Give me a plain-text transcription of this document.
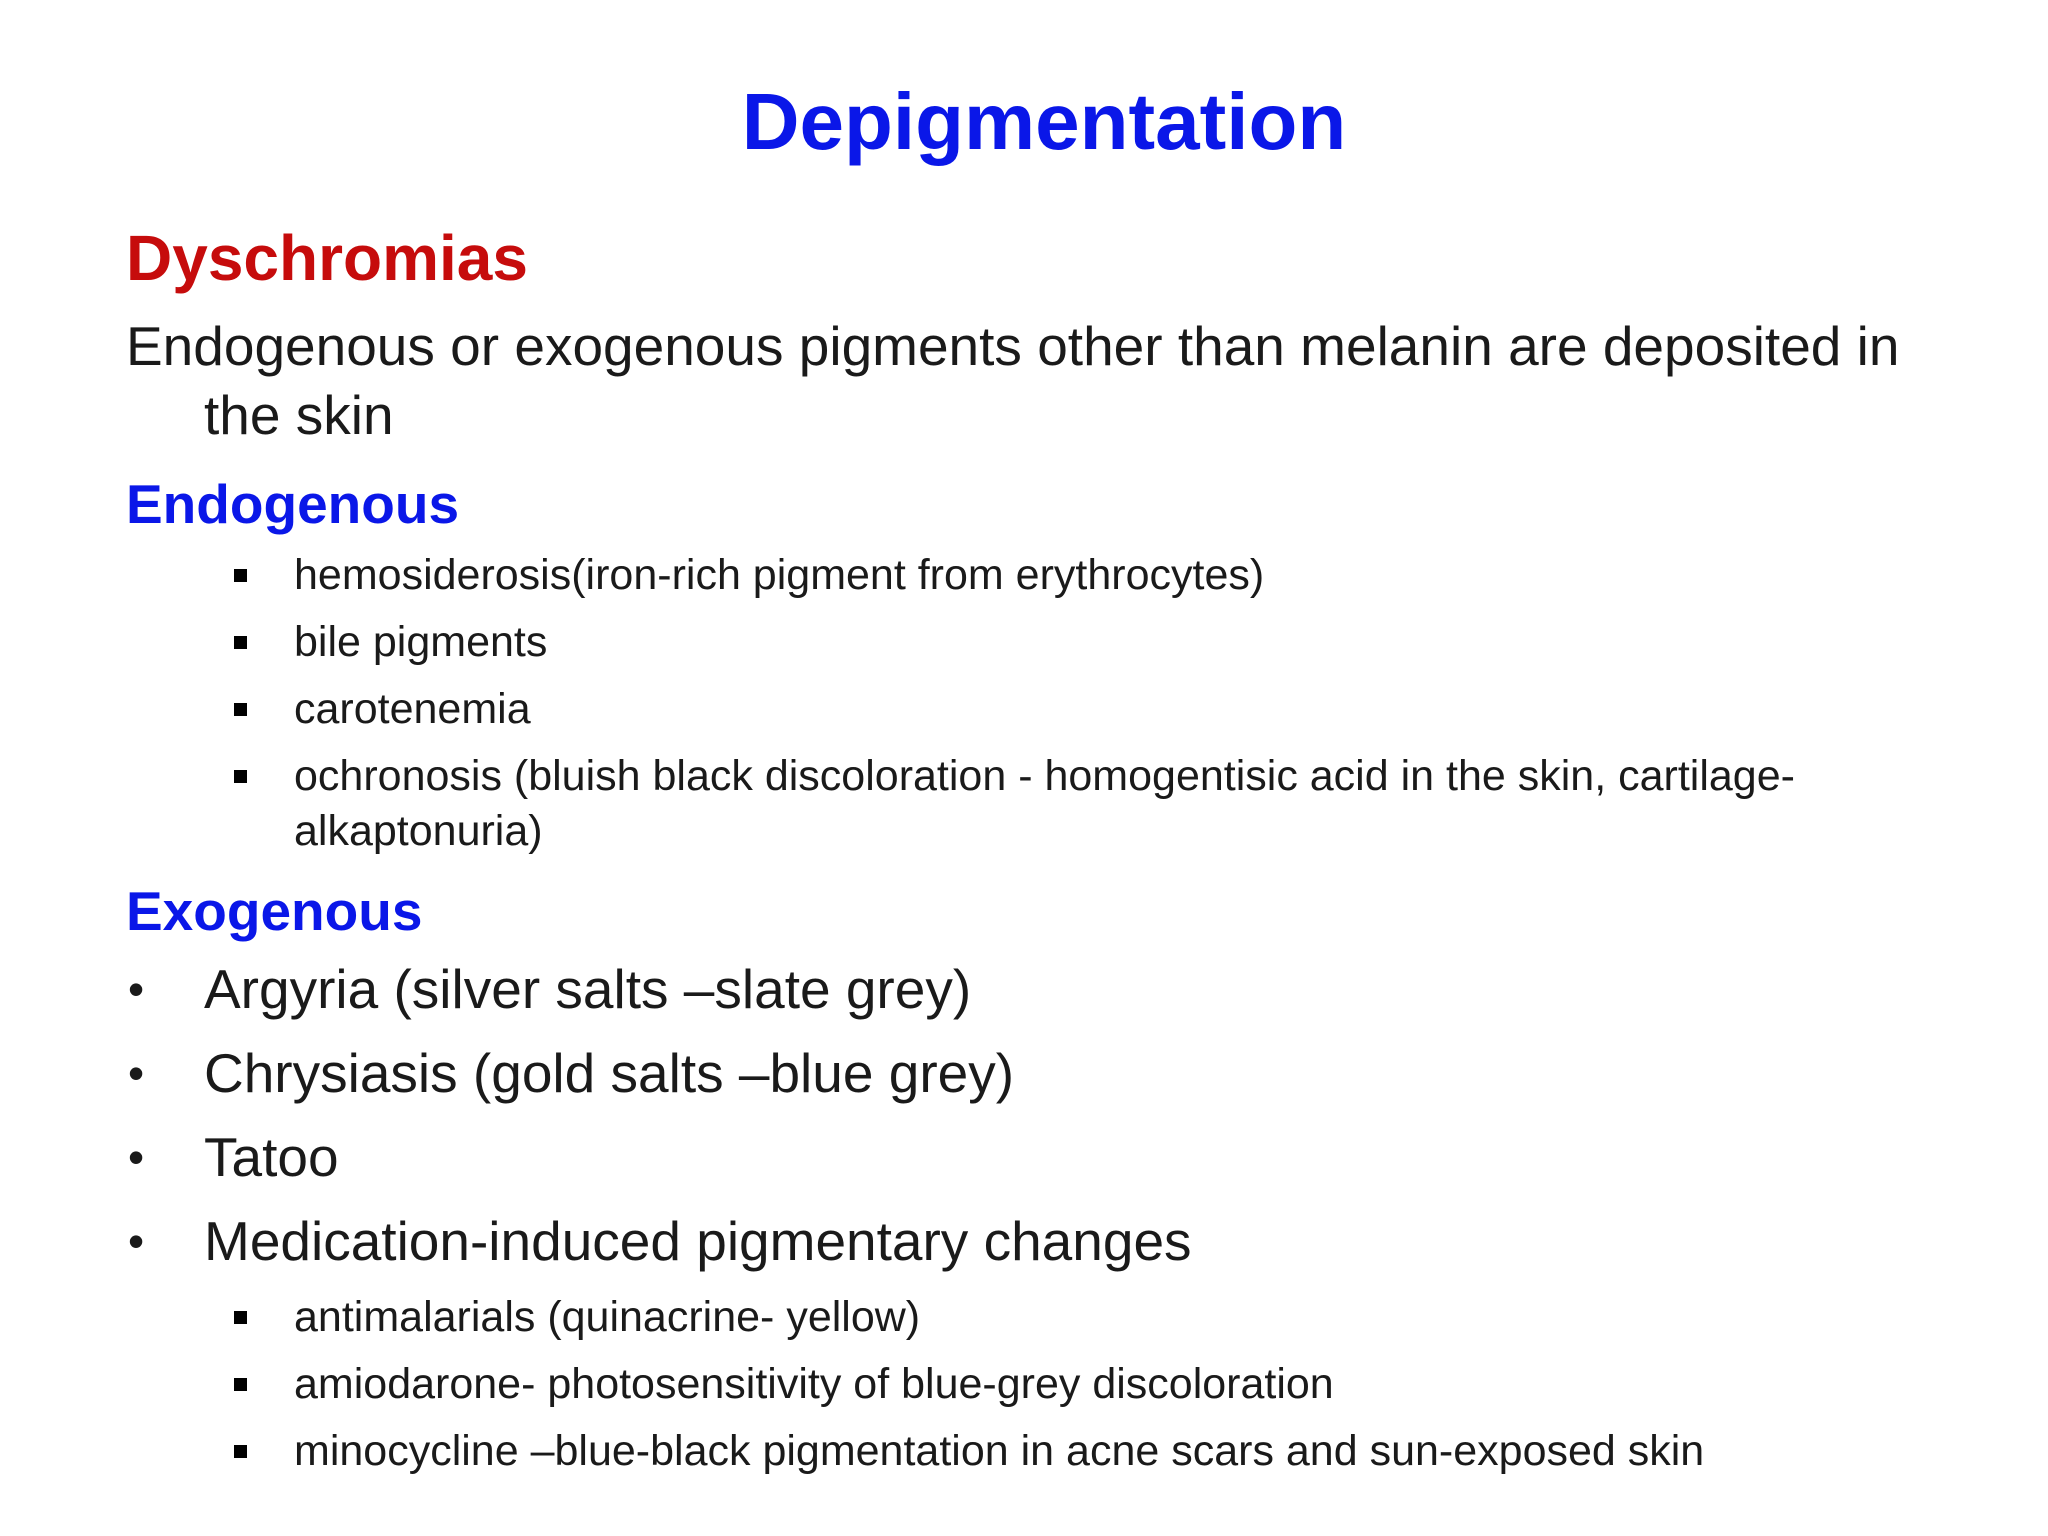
Depigmentation
Dyschromias
Endogenous or exogenous pigments other than melanin are deposited in the skin
Endogenous
hemosiderosis(iron-rich pigment from erythrocytes)
bile pigments
carotenemia
ochronosis (bluish black discoloration - homogentisic acid in the skin, cartilage-alkaptonuria)
Exogenous
• Argyria (silver salts –slate grey)
• Chrysiasis (gold salts –blue grey)
• Tatoo
• Medication-induced pigmentary changes
antimalarials (quinacrine- yellow)
amiodarone- photosensitivity of blue-grey discoloration
minocycline –blue-black pigmentation in acne scars and sun-exposed skin
